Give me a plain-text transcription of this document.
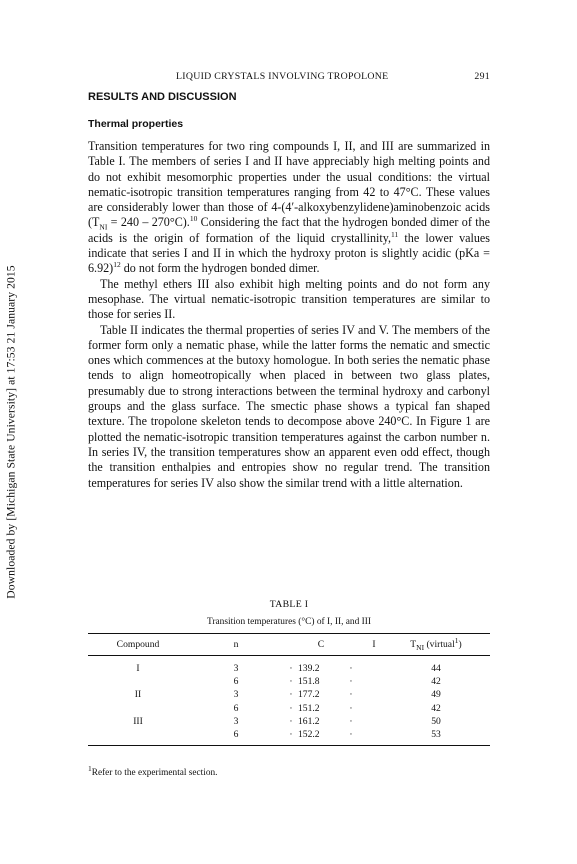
Downloaded by [Michigan State University] at 17:53 21 January 2015
LIQUID CRYSTALS INVOLVING TROPOLONE	291
RESULTS AND DISCUSSION
Thermal properties

Transition temperatures for two ring compounds I, II, and III are summarized in Table I. The members of series I and II have appreciably high melting points and do not exhibit mesomorphic properties under the usual conditions: the virtual nematic-isotropic transition temperatures ranging from 42 to 47°C. These values are considerably lower than those of 4-(4′-alkoxybenzylidene)aminobenzoic acids $(T_{NI} = 240 - 270^\circ C).^{10}$ Considering the fact that the hydrogen bonded dimer of the acids is the origin of formation of the liquid crystallinity,$^{11}$ the lower values indicate that series I and II in which the hydroxy proton is slightly acidic (pKa = 6.92)$^{12}$ do not form the hydrogen bonded dimer.

The methyl ethers III also exhibit high melting points and do not form any mesophase. The virtual nematic-isotropic transition temperatures are similar to those for series II.

Table II indicates the thermal properties of series IV and V. The members of the former form only a nematic phase, while the latter forms the nematic and smectic ones which commences at the butoxy homologue. In both series the nematic phase tends to align homeotropically when placed in between two glass plates, presumably due to strong interactions between the terminal hydroxy and carbonyl groups and the glass surface. The smectic phase shows a typical fan shaped texture. The tropolone skeleton tends to decompose above 240°C. In Figure 1 are plotted the nematic-isotropic transition temperatures against the carbon number n. In series IV, the transition temperatures show an apparent even odd effect, though the transition enthalpies and entropies show no regular trend. The transition temperatures for series IV also show the similar trend with a little alternation.

TABLE I
Transition temperatures (°C) of I, II, and III
Compound	n		C		I	$T_{NI}$ (virtual$^1$)
I	3	·	139.2	·		44
	6	·	151.8	·		42
II	3	·	177.2	·		49
	6	·	151.2	·		42
III	3	·	161.2	·		50
	6	·	152.2	·		53
$^1$Refer to the experimental section.
